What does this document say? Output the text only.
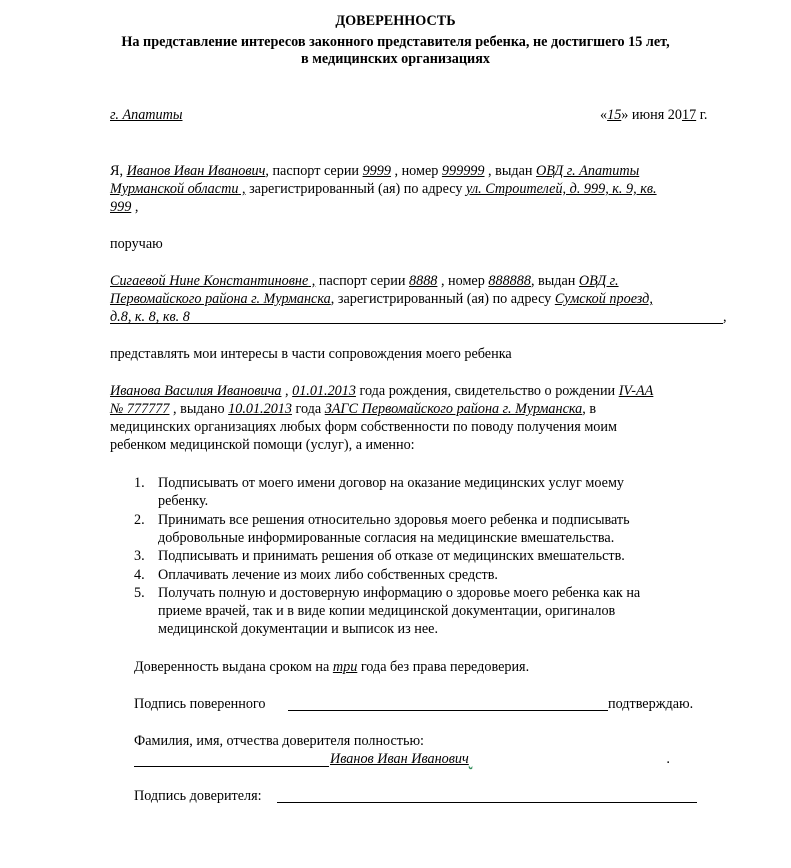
ДОВЕРЕННОСТЬ
На представление интересов законного представителя ребенка, не достигшего 15 лет,
в медицинских организациях
г. Апатиты	«15» июня 2017 г.
Я, Иванов Иван Иванович, паспорт серии 9999 , номер 999999 , выдан ОВД г. Апатиты
Мурманской области , зарегистрированный (ая) по адресу ул. Строителей, д. 999, к. 9, кв.
999 ,
поручаю
Сигаевой Нине Константиновне , паспорт серии 8888 , номер 888888, выдан ОВД г.
Первомайского района г. Мурманска, зарегистрированный (ая) по адресу Сумской проезд,
д.8, к. 8, кв. 8	,
представлять мои интересы в части сопровождения моего ребенка
Иванова Василия Ивановича , 01.01.2013 года рождения, свидетельство о рождении IV-АА
№ 777777 , выдано 10.01.2013 года ЗАГС Первомайского района г. Мурманска, в
медицинских организациях любых форм собственности по поводу получения моим
ребенком медицинской помощи (услуг), а именно:
1. Подписывать от моего имени договор на оказание медицинских услуг моему
ребенку.
2. Принимать все решения относительно здоровья моего ребенка и подписывать
добровольные информированные согласия на медицинские вмешательства.
3. Подписывать и принимать решения об отказе от медицинских вмешательств.
4. Оплачивать лечение из моих либо собственных средств.
5. Получать полную и достоверную информацию о здоровье моего ребенка как на
приеме врачей, так и в виде копии медицинской документации, оригиналов
медицинской документации и выписок из нее.
Доверенность выдана сроком на три года без права передоверия.
Подпись поверенного	подтверждаю.
Фамилия, имя, отчества доверителя полностью:
Иванов Иван Иванович	.
Подпись доверителя:
